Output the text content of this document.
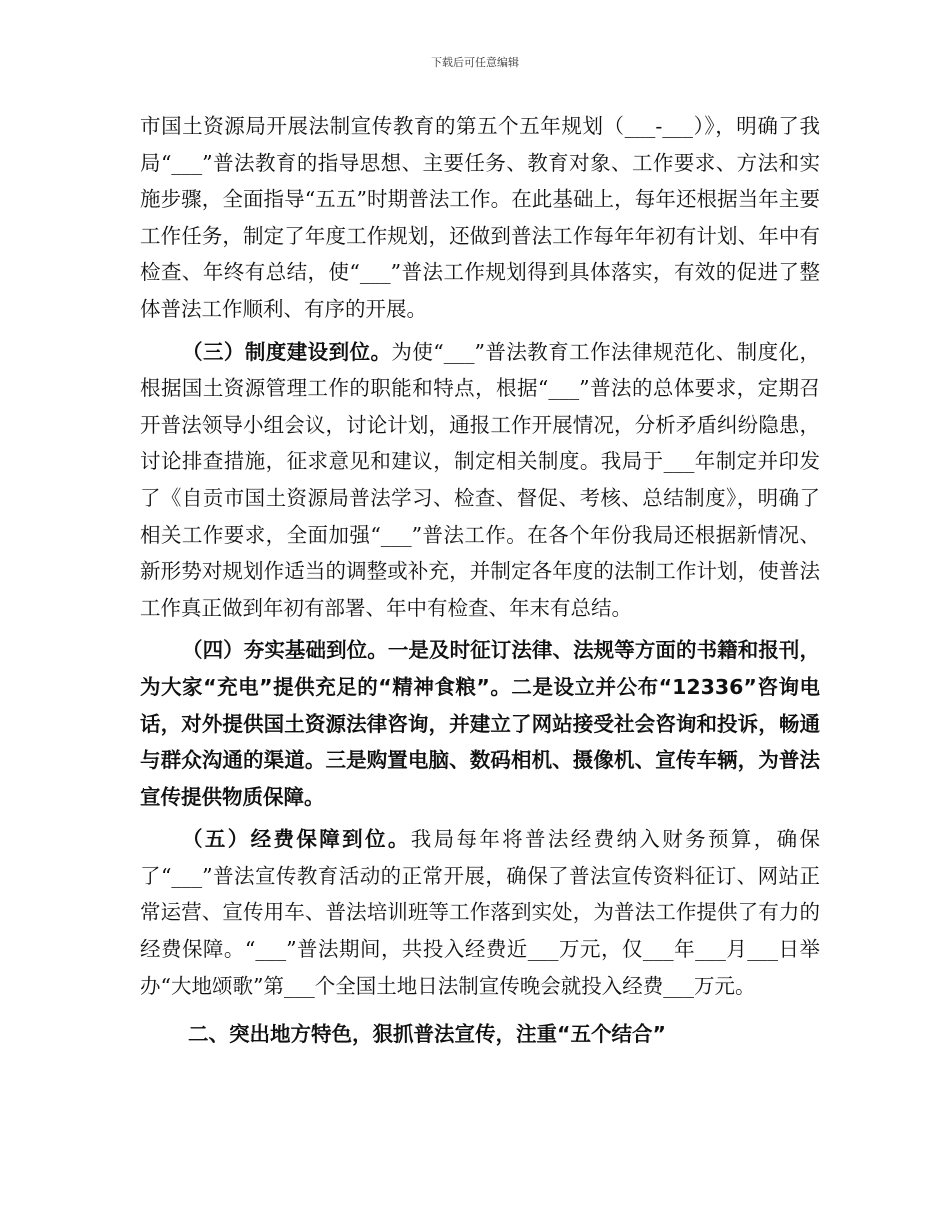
下载后可任意编辑

市国土资源局开展法制宣传教育的第五个五年规划（___-___）》，明确了我局“___”普法教育的指导思想、主要任务、教育对象、工作要求、方法和实施步骤，全面指导“五五”时期普法工作。在此基础上，每年还根据当年主要工作任务，制定了年度工作规划，还做到普法工作每年年初有计划、年中有检查、年终有总结，使“___”普法工作规划得到具体落实，有效的促进了整体普法工作顺利、有序的开展。

（三）制度建设到位。为使“___”普法教育工作法律规范化、制度化，根据国土资源管理工作的职能和特点，根据“___”普法的总体要求，定期召开普法领导小组会议，讨论计划，通报工作开展情况，分析矛盾纠纷隐患，讨论排查措施，征求意见和建议，制定相关制度。我局于___年制定并印发了《自贡市国土资源局普法学习、检查、督促、考核、总结制度》，明确了相关工作要求，全面加强“___”普法工作。在各个年份我局还根据新情况、新形势对规划作适当的调整或补充，并制定各年度的法制工作计划，使普法工作真正做到年初有部署、年中有检查、年末有总结。

（四）夯实基础到位。一是及时征订法律、法规等方面的书籍和报刊，为大家“充电”提供充足的“精神食粮”。二是设立并公布“12336”咨询电话，对外提供国土资源法律咨询，并建立了网站接受社会咨询和投诉，畅通与群众沟通的渠道。三是购置电脑、数码相机、摄像机、宣传车辆，为普法宣传提供物质保障。

（五）经费保障到位。我局每年将普法经费纳入财务预算，确保了“___”普法宣传教育活动的正常开展，确保了普法宣传资料征订、网站正常运营、宣传用车、普法培训班等工作落到实处，为普法工作提供了有力的经费保障。“___”普法期间，共投入经费近___万元，仅___年___月___日举办“大地颂歌”第___个全国土地日法制宣传晚会就投入经费___万元。

二、突出地方特色，狠抓普法宣传，注重“五个结合”
